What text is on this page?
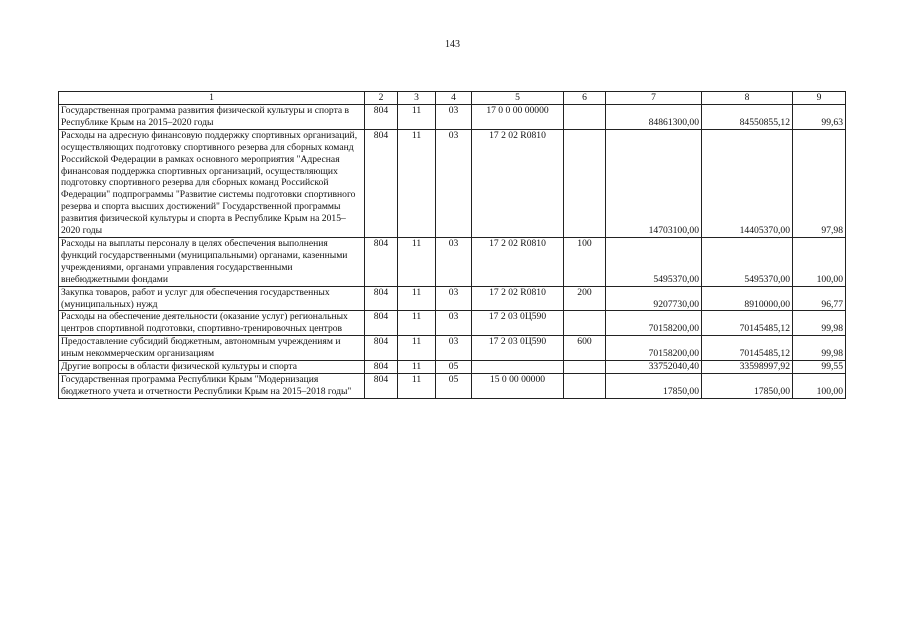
143
1	2	3	4	5	6	7	8	9
Государственная программа развития физической культуры и спорта в Республике Крым на 2015–2020 годы	804	11	03	17 0 0 00 00000		84861300,00	84550855,12	99,63
Расходы на адресную финансовую поддержку спортивных организаций, осуществляющих подготовку спортивного резерва для сборных команд Российской Федерации в рамках основного мероприятия "Адресная финансовая поддержка спортивных организаций, осуществляющих подготовку спортивного резерва для сборных команд Российской Федерации" подпрограммы "Развитие системы подготовки спортивного резерва и спорта высших достижений" Государственной программы развития физической культуры и спорта в Республике Крым на 2015–2020 годы	804	11	03	17 2 02 R0810		14703100,00	14405370,00	97,98
Расходы на выплаты персоналу в целях обеспечения выполнения функций государственными (муниципальными) органами, казенными учреждениями, органами управления государственными внебюджетными фондами	804	11	03	17 2 02 R0810	100	5495370,00	5495370,00	100,00
Закупка товаров, работ и услуг для обеспечения государственных (муниципальных) нужд	804	11	03	17 2 02 R0810	200	9207730,00	8910000,00	96,77
Расходы на обеспечение деятельности (оказание услуг) региональных центров спортивной подготовки, спортивно-тренировочных центров	804	11	03	17 2 03 0Ц590		70158200,00	70145485,12	99,98
Предоставление субсидий бюджетным, автономным учреждениям и иным некоммерческим организациям	804	11	03	17 2 03 0Ц590	600	70158200,00	70145485,12	99,98
Другие вопросы в области физической культуры и спорта	804	11	05			33752040,40	33598997,92	99,55
Государственная программа Республики Крым "Модернизация бюджетного учета и отчетности Республики Крым на 2015–2018 годы"	804	11	05	15 0 00 00000		17850,00	17850,00	100,00
